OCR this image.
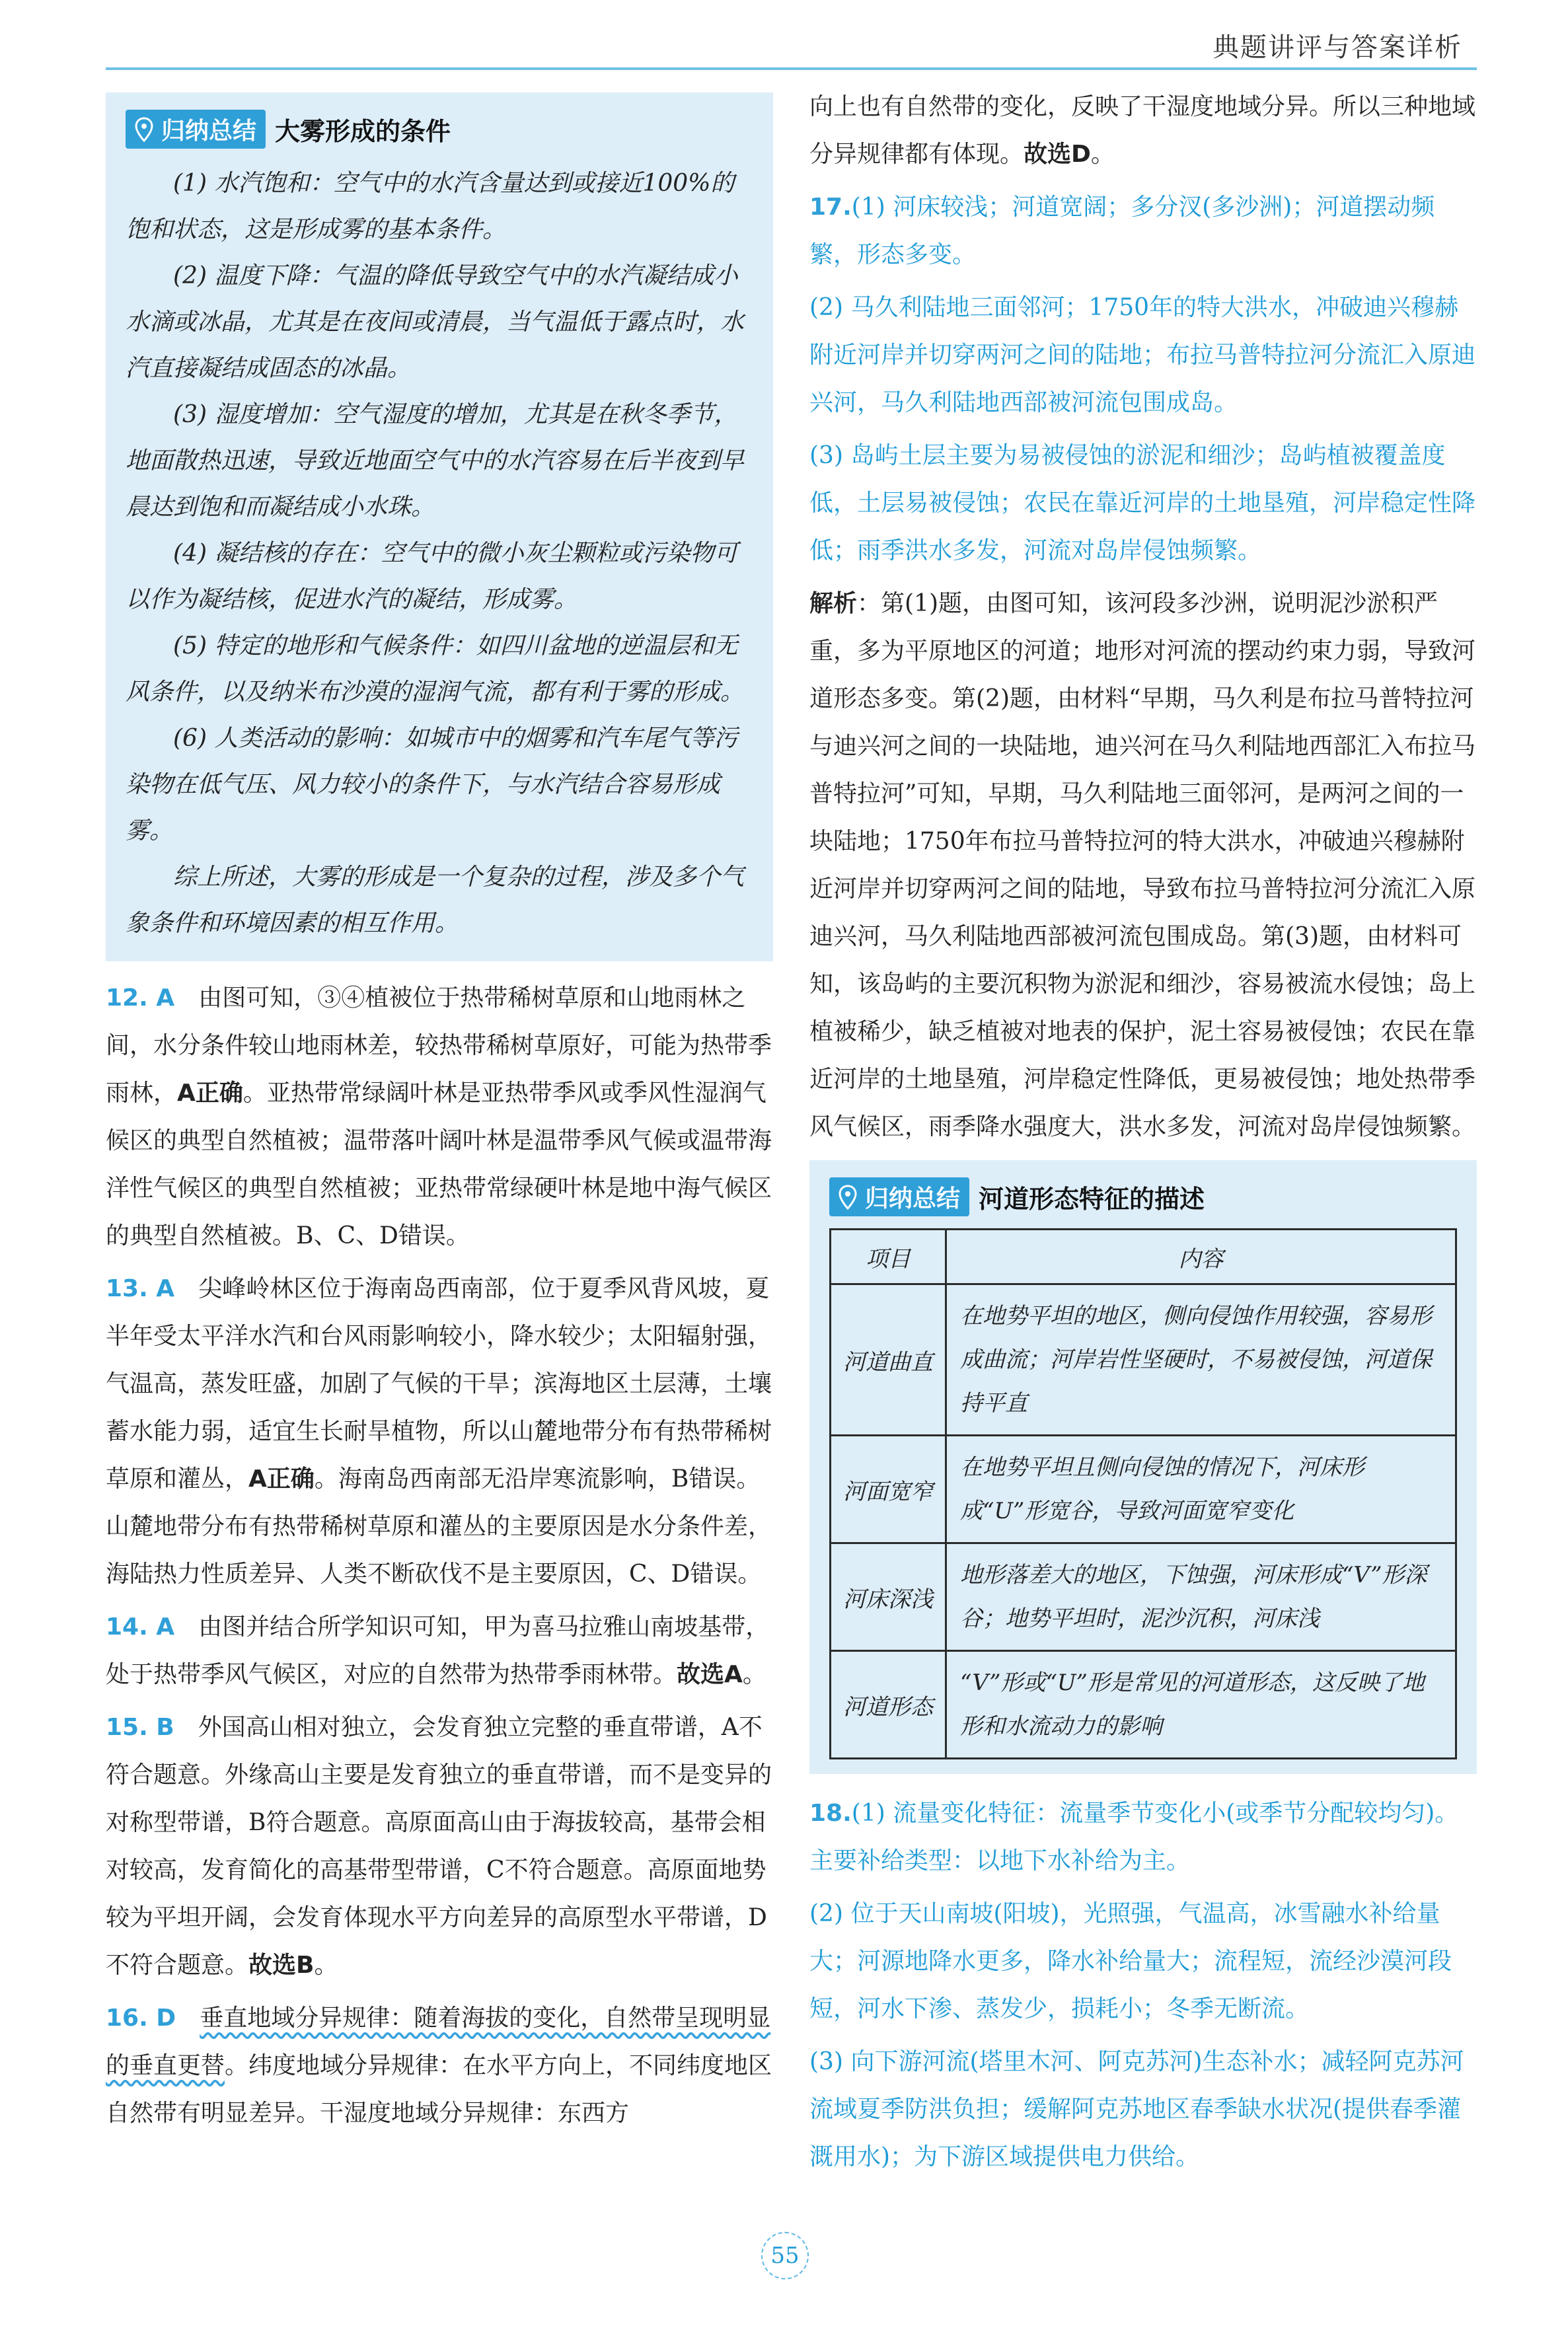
典题讲评与答案详析
归纳总结 大雾形成的条件

(1) 水汽饱和：空气中的水汽含量达到或接近100%的饱和状态，这是形成雾的基本条件。

(2) 温度下降：气温的降低导致空气中的水汽凝结成小水滴或冰晶，尤其是在夜间或清晨，当气温低于露点时，水汽直接凝结成固态的冰晶。

(3) 湿度增加：空气湿度的增加，尤其是在秋冬季节，地面散热迅速，导致近地面空气中的水汽容易在后半夜到早晨达到饱和而凝结成小水珠。

(4) 凝结核的存在：空气中的微小灰尘颗粒或污染物可以作为凝结核，促进水汽的凝结，形成雾。

(5) 特定的地形和气候条件：如四川盆地的逆温层和无风条件，以及纳米布沙漠的湿润气流，都有利于雾的形成。

(6) 人类活动的影响：如城市中的烟雾和汽车尾气等污染物在低气压、风力较小的条件下，与水汽结合容易形成雾。

综上所述，大雾的形成是一个复杂的过程，涉及多个气象条件和环境因素的相互作用。

12. A　 由图可知，③④植被位于热带稀树草原和山地雨林之间，水分条件较山地雨林差，较热带稀树草原好，可能为热带季雨林，A正确。亚热带常绿阔叶林是亚热带季风或季风性湿润气候区的典型自然植被；温带落叶阔叶林是温带季风气候或温带海洋性气候区的典型自然植被；亚热带常绿硬叶林是地中海气候区的典型自然植被。B、C、D错误。

13. A　 尖峰岭林区位于海南岛西南部，位于夏季风背风坡，夏半年受太平洋水汽和台风雨影响较小，降水较少；太阳辐射强，气温高，蒸发旺盛，加剧了气候的干旱；滨海地区土层薄，土壤蓄水能力弱，适宜生长耐旱植物，所以山麓地带分布有热带稀树草原和灌丛，A正确。海南岛西南部无沿岸寒流影响，B错误。山麓地带分布有热带稀树草原和灌丛的主要原因是水分条件差，海陆热力性质差异、人类不断砍伐不是主要原因，C、D错误。

14. A　 由图并结合所学知识可知，甲为喜马拉雅山南坡基带，处于热带季风气候区，对应的自然带为热带季雨林带。故选A。

15. B　 外国高山相对独立，会发育独立完整的垂直带谱，A不符合题意。外缘高山主要是发育独立的垂直带谱，而不是变异的对称型带谱，B符合题意。高原面高山由于海拔较高，基带会相对较高，发育简化的高基带型带谱，C不符合题意。高原面地势较为平坦开阔，会发育体现水平方向差异的高原型水平带谱，D不符合题意。故选B。

16. D　 垂直地域分异规律：随着海拔的变化，自然带呈现明显的垂直更替。纬度地域分异规律：在水平方向上，不同纬度地区自然带有明显差异。干湿度地域分异规律：东西方

向上也有自然带的变化，反映了干湿度地域分异。所以三种地域分异规律都有体现。故选D。

17.(1) 河床较浅；河道宽阔；多分汊(多沙洲)；河道摆动频繁，形态多变。

(2) 马久利陆地三面邻河；1750年的特大洪水，冲破迪兴穆赫附近河岸并切穿两河之间的陆地；布拉马普特拉河分流汇入原迪兴河，马久利陆地西部被河流包围成岛。

(3) 岛屿土层主要为易被侵蚀的淤泥和细沙；岛屿植被覆盖度低，土层易被侵蚀；农民在靠近河岸的土地垦殖，河岸稳定性降低；雨季洪水多发，河流对岛岸侵蚀频繁。

解析：第(1)题，由图可知，该河段多沙洲，说明泥沙淤积严重，多为平原地区的河道；地形对河流的摆动约束力弱，导致河道形态多变。第(2)题，由材料“早期，马久利是布拉马普特拉河与迪兴河之间的一块陆地，迪兴河在马久利陆地西部汇入布拉马普特拉河”可知，早期，马久利陆地三面邻河，是两河之间的一块陆地；1750年布拉马普特拉河的特大洪水，冲破迪兴穆赫附近河岸并切穿两河之间的陆地，导致布拉马普特拉河分流汇入原迪兴河，马久利陆地西部被河流包围成岛。第(3)题，由材料可知，该岛屿的主要沉积物为淤泥和细沙，容易被流水侵蚀；岛上植被稀少，缺乏植被对地表的保护，泥土容易被侵蚀；农民在靠近河岸的土地垦殖，河岸稳定性降低，更易被侵蚀；地处热带季风气候区，雨季降水强度大，洪水多发，河流对岛岸侵蚀频繁。

归纳总结 河道形态特征的描述
项目	内容
河道曲直	在地势平坦的地区，侧向侵蚀作用较强，容易形成曲流；河岸岩性坚硬时，不易被侵蚀，河道保持平直
河面宽窄	在地势平坦且侧向侵蚀的情况下，河床形成“U”形宽谷，导致河面宽窄变化
河床深浅	地形落差大的地区，下蚀强，河床形成“V”形深谷；地势平坦时，泥沙沉积，河床浅
河道形态	“V”形或“U”形是常见的河道形态，这反映了地形和水流动力的影响

18.(1) 流量变化特征：流量季节变化小(或季节分配较均匀)。　主要补给类型：以地下水补给为主。

(2) 位于天山南坡(阳坡)，光照强，气温高，冰雪融水补给量大；河源地降水更多，降水补给量大；流程短，流经沙漠河段短，河水下渗、蒸发少，损耗小；冬季无断流。

(3) 向下游河流(塔里木河、阿克苏河)生态补水；减轻阿克苏河流域夏季防洪负担；缓解阿克苏地区春季缺水状况(提供春季灌溉用水)；为下游区域提供电力供给。

55
